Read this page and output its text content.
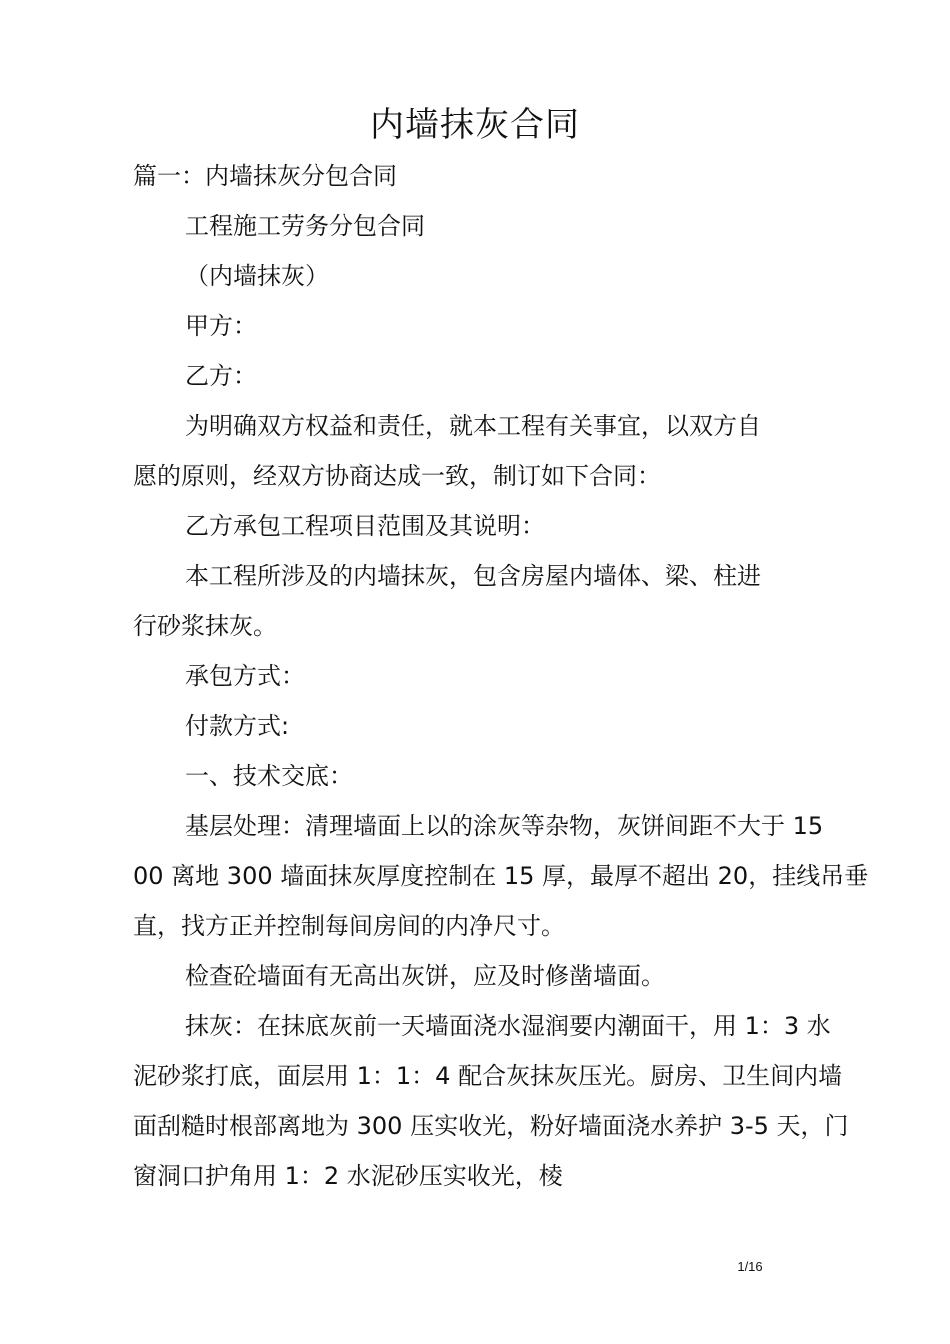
内墙抹灰合同

篇一：内墙抹灰分包合同

工程施工劳务分包合同

（内墙抹灰）

甲方：

乙方：

为明确双方权益和责任，就本工程有关事宜，以双方自

愿的原则，经双方协商达成一致，制订如下合同：

乙方承包工程项目范围及其说明：

本工程所涉及的内墙抹灰，包含房屋内墙体、梁、柱进

行砂浆抹灰。

承包方式：

付款方式:

一、技术交底：

基层处理：清理墙面上以的涂灰等杂物，灰饼间距不大于 15

00 离地 300 墙面抹灰厚度控制在 15 厚，最厚不超出 20，挂线吊垂

直，找方正并控制每间房间的内净尺寸。

检查砼墙面有无高出灰饼，应及时修凿墙面。

抹灰：在抹底灰前一天墙面浇水湿润要内潮面干，用 1：3 水

泥砂浆打底，面层用 1：1：4 配合灰抹灰压光。厨房、卫生间内墙

面刮糙时根部离地为 300 压实收光，粉好墙面浇水养护 3-5 天，门

窗洞口护角用 1：2 水泥砂压实收光，棱

1/16
